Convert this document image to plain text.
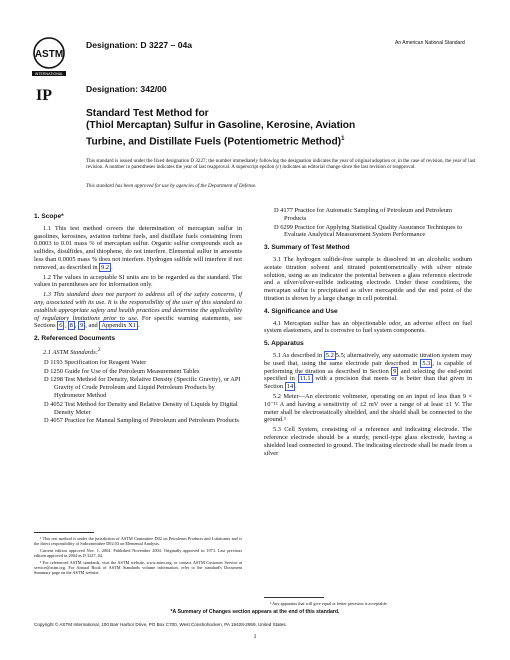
ASTM
INTERNATIONAL
IP
Designation: D 3227 – 04a
Designation: 342/00
An American National Standard
Standard Test Method for
(Thiol Mercaptan) Sulfur in Gasoline, Kerosine, Aviation
Turbine, and Distillate Fuels (Potentiometric Method)$^1$
This standard is issued under the fixed designation D 3227; the number immediately following the designation indicates the year of original adoption or, in the case of revision, the year of last revision. A number in parentheses indicates the year of last reapproval. A superscript epsilon (ε) indicates an editorial change since the last revision or reapproval.
This standard has been approved for use by agencies of the Department of Defense.
1. Scope*

1.1 This test method covers the determination of mercaptan sulfur in gasolines, kerosines, aviation turbine fuels, and distillate fuels containing from 0.0003 to 0.01 mass % of mercaptan sulfur. Organic sulfur compounds such as sulfides, disulfides, and thiophene, do not interfere. Elemental sulfur in amounts less than 0.0005 mass % does not interfere. Hydrogen sulfide will interfere if not removed, as described in 9.2 .

1.2 The values in acceptable SI units are to be regarded as the standard. The values in parentheses are for information only.

1.3 This standard does not purport to address all of the safety concerns, if any, associated with its use. It is the responsibility of the user of this standard to establish appropriate safety and health practices and determine the applicability of regulatory limitations prior to use. For specific warning statements, see Sections 6 , 8 , 9 , and Appendix X1 .

2. Referenced Documents

2.1 ASTM Standards:$^2$

D 1193 Specification for Reagent Water

D 1250 Guide for Use of the Petroleum Measurement Tables

D 1298 Test Method for Density, Relative Density (Specific Gravity), or API Gravity of Crude Petroleum and Liquid Petroleum Products by Hydrometer Method

D 4052 Test Method for Density and Relative Density of Liquids by Digital Density Meter

D 4057 Practice for Manual Sampling of Petroleum and Petroleum Products

¹ This test method is under the jurisdiction of ASTM Committee D02 on Petroleum Products and Lubricants and is the direct responsibility of Subcommittee D02.03 on Elemental Analysis.

Current edition approved Nov. 1, 2004. Published November 2004. Originally approved in 1973. Last previous edition approved in 2004 as D 3227–04.

² For referenced ASTM standards, visit the ASTM website, www.astm.org, or contact ASTM Customer Service at service@astm.org. For Annual Book of ASTM Standards volume information, refer to the standard's Document Summary page on the ASTM website.

D 4177 Practice for Automatic Sampling of Petroleum and Petroleum Products

D 6299 Practice for Applying Statistical Quality Assurance Techniques to Evaluate Analytical Measurement System Performance

3. Summary of Test Method

3.1 The hydrogen sulfide-free sample is dissolved in an alcoholic sodium acetate titration solvent and titrated potentiometrically with silver nitrate solution, using as an indicator the potential between a glass reference electrode and a silver/silver-sulfide indicating electrode. Under these conditions, the mercaptan sulfur is precipitated as silver mercaptide and the end point of the titration is shown by a large change in cell potential.

4. Significance and Use

4.1 Mercaptan sulfur has an objectionable odor, an adverse effect on fuel system elastomers, and is corrosive to fuel system components.

5. Apparatus

5.1 As described in 5.2 5.5; alternatively, any automatic titration system may be used that, using the same electrode pair described in 5.3 , is capable of performing the titration as described in Section 9 and selecting the end-point specified in 11.1 with a precision that meets or is better than that given in Section 14 .

5.2 Meter—An electronic voltmeter, operating on an input of less than 9 × 10⁻¹² A and having a sensitivity of ±2 mV over a range of at least ±1 V. The meter shall be electrostatically shielded, and the shield shall be connected to the ground.³

5.3 Cell System, consisting of a reference and indicating electrode. The reference electrode should be a sturdy, pencil-type glass electrode, having a shielded lead connected to ground. The indicating electrode shall be made from a silver

³ Any apparatus that will give equal or better precision is acceptable.
*A Summary of Changes section appears at the end of this standard.
Copyright © ASTM International, 100 Barr Harbor Drive, PO Box C700, West Conshohocken, PA 19428-2959, United States.
1
